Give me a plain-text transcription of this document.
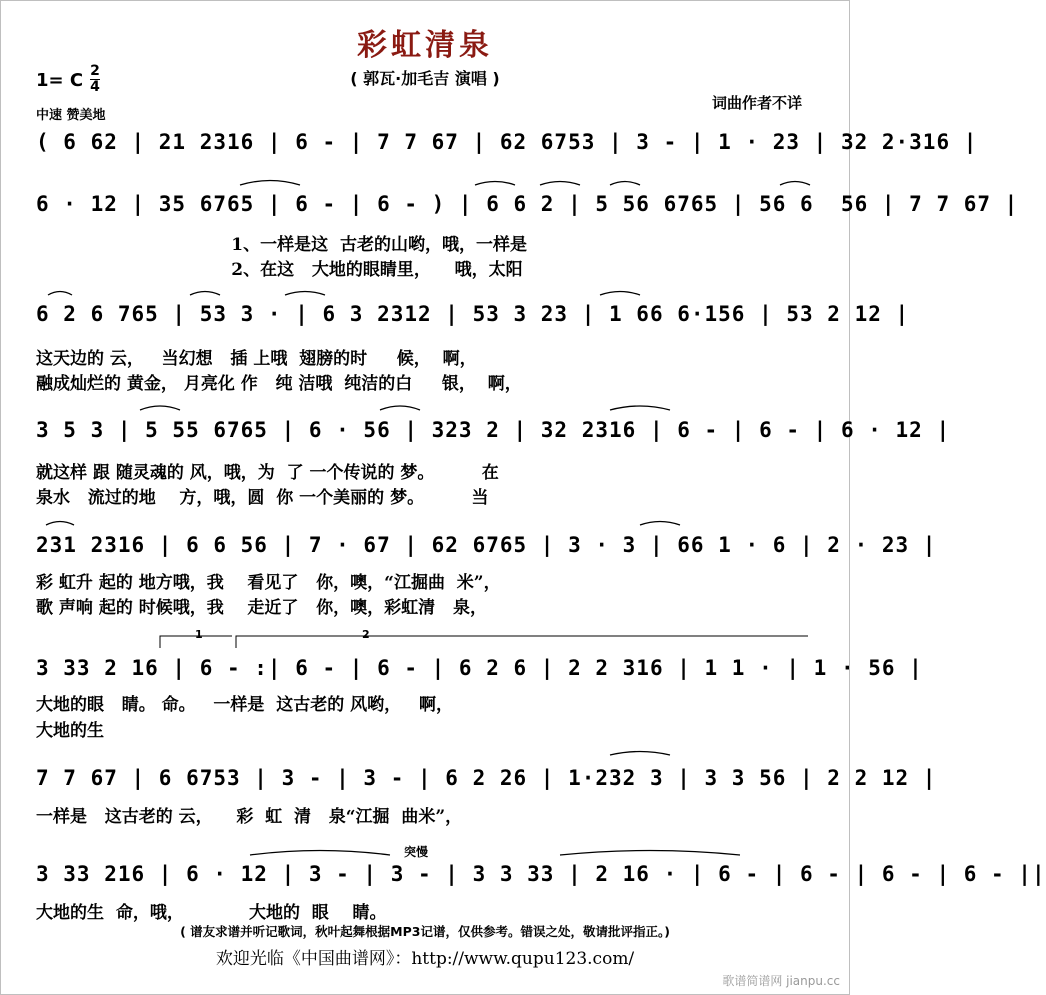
彩虹清泉
( 郭瓦·加毛吉 演唱 )
1= C 2
4
中速 赞美地
词曲作者不详
( 6 62 | 21 2316 | 6 - | 7 7 67 | 62 6753 | 3 - | 1 · 23 | 32 2·316 |
6 · 12 | 35 6765 | 6 - | 6 - ) | 6 6 2 | 5 56 6765 | 56 6  56 | 7 7 67 |
1、一样是这  古老的山哟，哦，一样是
2、在这   大地的眼睛里，    哦，太阳
6 2 6 765 | 53 3 · | 6 3 2312 | 53 3 23 | 1 66 6·156 | 53 2 12 |
这天边的 云，   当幻想   插 上哦  翅膀的时     候，  啊，
融成灿烂的 黄金， 月亮化 作   纯 洁哦  纯洁的白     银，  啊，
3 5 3 | 5 55 6765 | 6 · 56 | 323 2 | 32 2316 | 6 - | 6 - | 6 · 12 |
就这样 跟 随灵魂的 风，哦，为  了 一个传说的 梦。        在
泉水   流过的地    方，哦，圆  你 一个美丽的 梦。        当
231 2316 | 6 6 56 | 7 · 67 | 62 6765 | 3 · 3 | 66 1 · 6 | 2 · 23 |
彩 虹升 起的 地方哦，我    看见了   你，噢，“江掘曲  米”，
歌 声响 起的 时候哦，我    走近了   你，噢，彩虹清   泉，
1	2
3 33 2 16 | 6 - :| 6 - | 6 - | 6 2 6 | 2 2 316 | 1 1 · | 1 · 56 |
大地的眼   睛。 命。   一样是  这古老的 风哟，   啊，
大地的生
7 7 67 | 6 6753 | 3 - | 3 - | 6 2 26 | 1·232 3 | 3 3 56 | 2 2 12 |
一样是   这古老的 云，    彩  虹  清   泉“江掘  曲米”，
突慢
3 33 216 | 6 · 12 | 3 - | 3 - | 3 3 33 | 2 16 · | 6 - | 6 - | 6 - | 6 - ||
大地的生  命，哦，           大地的  眼    睛。
( 谱友求谱并听记歌词，秋叶起舞根据MP3记谱，仅供参考。错误之处，敬请批评指正。)
欢迎光临《中国曲谱网》：http://www.qupu123.com/
歌谱简谱网 jianpu.cc
